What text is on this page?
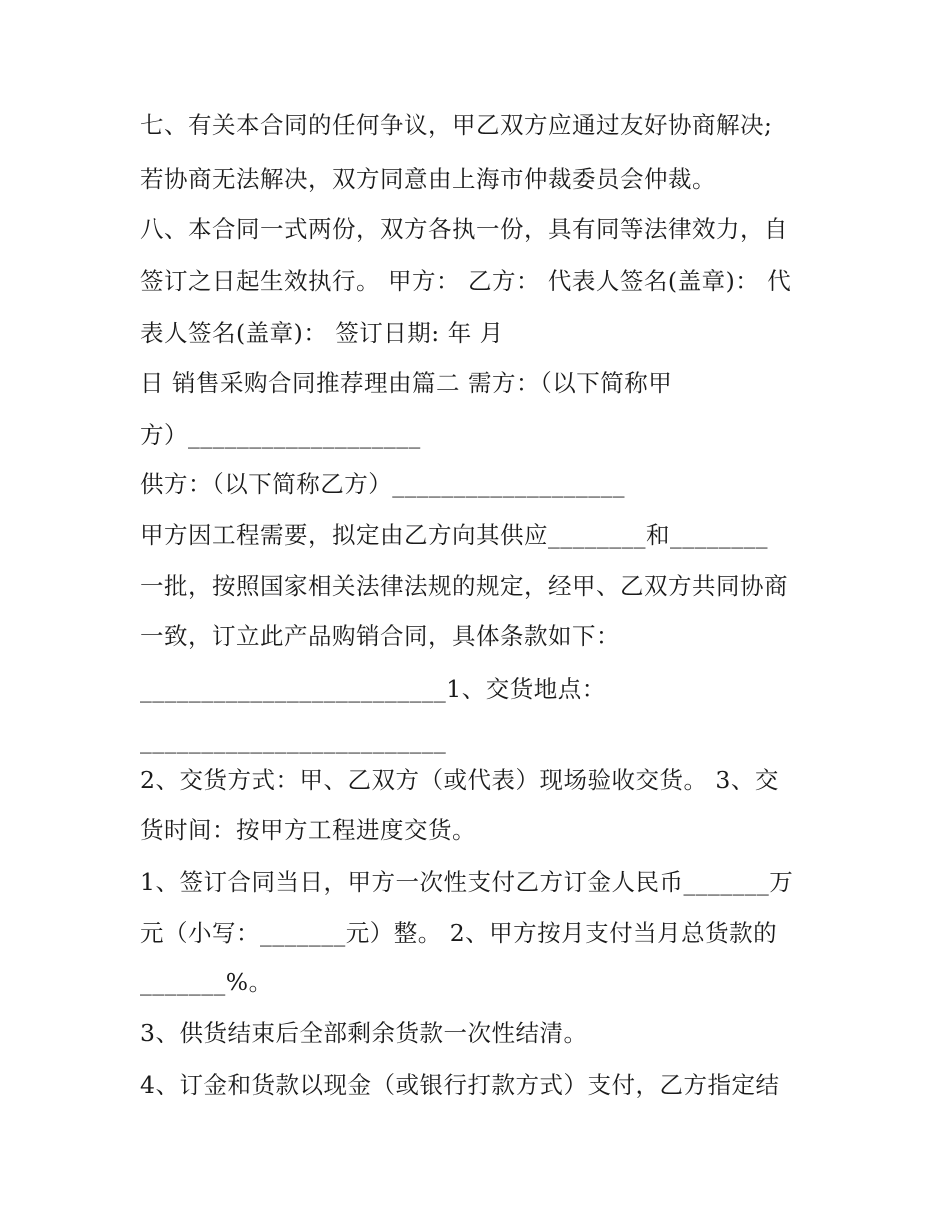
七、有关本合同的任何争议，甲乙双方应通过友好协商解决;
若协商无法解决，双方同意由上海市仲裁委员会仲裁。
八、本合同一式两份，双方各执一份，具有同等法律效力，自
签订之日起生效执行。 甲方： 乙方： 代表人签名(盖章)： 代
表人签名(盖章)： 签订日期: 年 月
日 销售采购合同推荐理由篇二 需方：（以下简称甲
方）___________________
供方：（以下简称乙方）___________________
甲方因工程需要，拟定由乙方向其供应________和________
一批，按照国家相关法律法规的规定，经甲、乙双方共同协商
一致，订立此产品购销合同，具体条款如下：
_________________________1、交货地点：
_________________________
2、交货方式：甲、乙双方（或代表）现场验收交货。 3、交
货时间：按甲方工程进度交货。
1、签订合同当日，甲方一次性支付乙方订金人民币_______万
元（小写：_______元）整。 2、甲方按月支付当月总货款的
_______%。
3、供货结束后全部剩余货款一次性结清。
4、订金和货款以现金（或银行打款方式）支付，乙方指定结
